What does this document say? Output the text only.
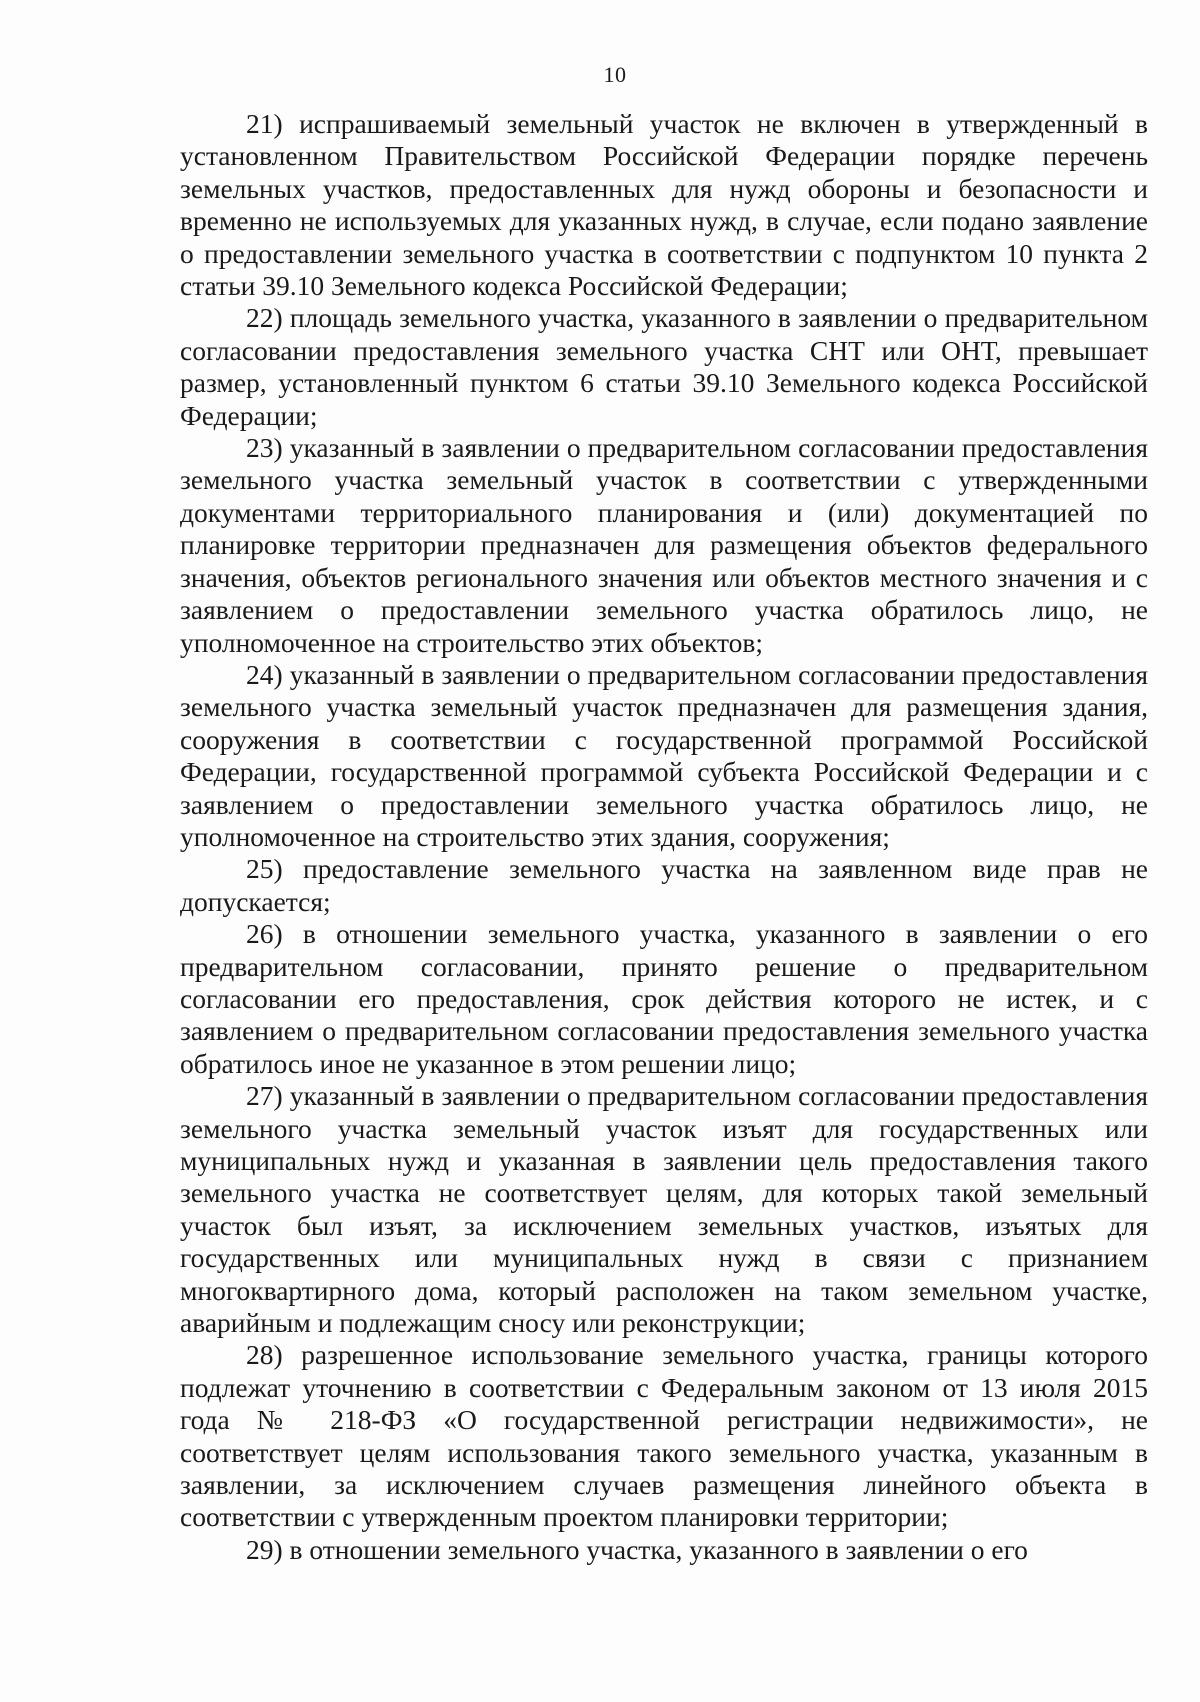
10

21) испрашиваемый земельный участок не включен в утвержденный в установленном Правительством Российской Федерации порядке перечень земельных участков, предоставленных для нужд обороны и безопасности и временно не используемых для указанных нужд, в случае, если подано заявление о предоставлении земельного участка в соответствии с подпунктом 10 пункта 2 статьи 39.10 Земельного кодекса Российской Федерации;

22) площадь земельного участка, указанного в заявлении о предварительном согласовании предоставления земельного участка СНТ или ОНТ, превышает размер, установленный пунктом 6 статьи 39.10 Земельного кодекса Российской Федерации;

23) указанный в заявлении о предварительном согласовании предоставления земельного участка земельный участок в соответствии с утвержденными документами территориального планирования и (или) документацией по планировке территории предназначен для размещения объектов федерального значения, объектов регионального значения или объектов местного значения и с заявлением о предоставлении земельного участка обратилось лицо, не уполномоченное на строительство этих объектов;

24) указанный в заявлении о предварительном согласовании предоставления земельного участка земельный участок предназначен для размещения здания, сооружения в соответствии с государственной программой Российской Федерации, государственной программой субъекта Российской Федерации и с заявлением о предоставлении земельного участка обратилось лицо, не уполномоченное на строительство этих здания, сооружения;

25) предоставление земельного участка на заявленном виде прав не допускается;

26) в отношении земельного участка, указанного в заявлении о его предварительном согласовании, принято решение о предварительном согласовании его предоставления, срок действия которого не истек, и с заявлением о предварительном согласовании предоставления земельного участка обратилось иное не указанное в этом решении лицо;

27) указанный в заявлении о предварительном согласовании предоставления земельного участка земельный участок изъят для государственных или муниципальных нужд и указанная в заявлении цель предоставления такого земельного участка не соответствует целям, для которых такой земельный участок был изъят, за исключением земельных участков, изъятых для государственных или муниципальных нужд в связи с признанием многоквартирного дома, который расположен на таком земельном участке, аварийным и подлежащим сносу или реконструкции;

28) разрешенное использование земельного участка, границы которого подлежат уточнению в соответствии с Федеральным законом от 13 июля 2015 года № 218-ФЗ «О государственной регистрации недвижимости», не соответствует целям использования такого земельного участка, указанным в заявлении, за исключением случаев размещения линейного объекта в соответствии с утвержденным проектом планировки территории;

29) в отношении земельного участка, указанного в заявлении о его
